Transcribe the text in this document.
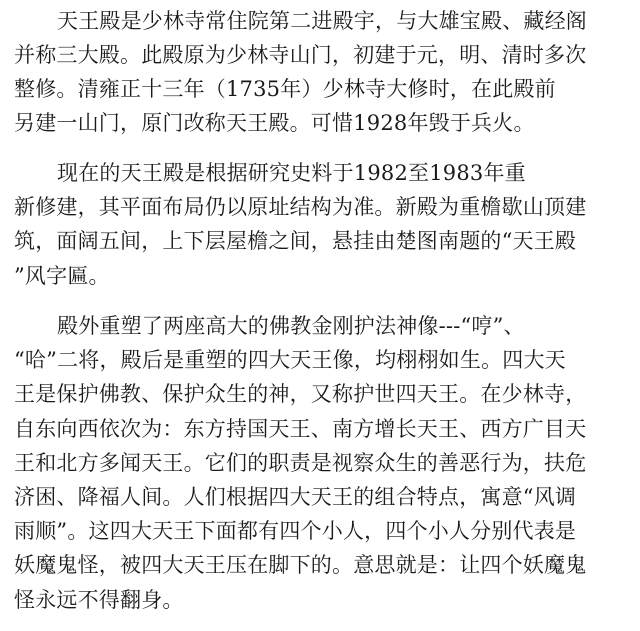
天王殿是少林寺常住院第二进殿宇，与大雄宝殿、藏经阁
并称三大殿。此殿原为少林寺山门，初建于元，明、清时多次
整修。清雍正十三年（1735年）少林寺大修时，在此殿前
另建一山门，原门改称天王殿。可惜1928年毁于兵火。
现在的天王殿是根据研究史料于1982至1983年重
新修建，其平面布局仍以原址结构为准。新殿为重檐歇山顶建
筑，面阔五间，上下层屋檐之间，悬挂由楚图南题的“天王殿
”风字匾。
殿外重塑了两座高大的佛教金刚护法神像---“哼”、
“哈”二将，殿后是重塑的四大天王像，均栩栩如生。四大天
王是保护佛教、保护众生的神，又称护世四天王。在少林寺，
自东向西依次为：东方持国天王、南方增长天王、西方广目天
王和北方多闻天王。它们的职责是视察众生的善恶行为，扶危
济困、降福人间。人们根据四大天王的组合特点，寓意“风调
雨顺”。这四大天王下面都有四个小人，四个小人分别代表是
妖魔鬼怪，被四大天王压在脚下的。意思就是：让四个妖魔鬼
怪永远不得翻身。
